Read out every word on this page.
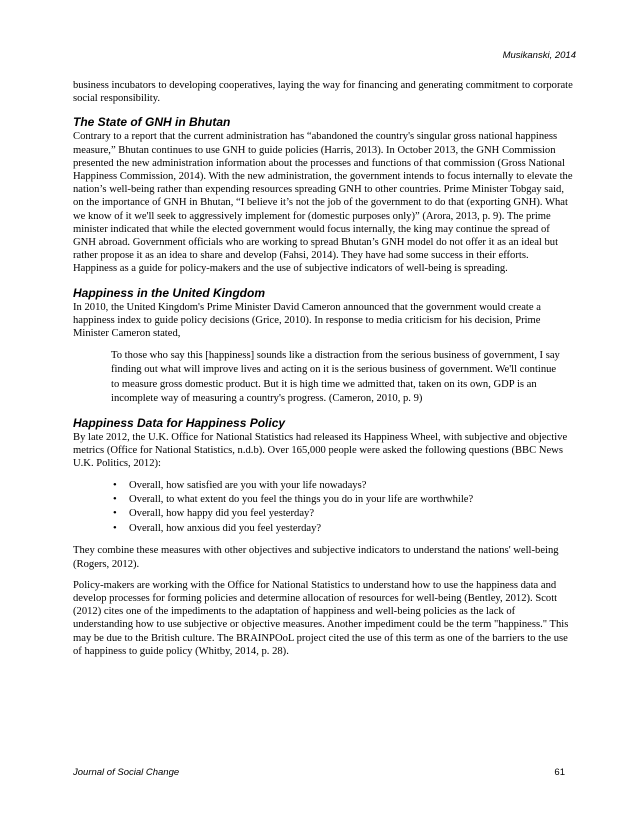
Musikanski, 2014

business incubators to developing cooperatives, laying the way for financing and generating commitment to corporate social responsibility.

The State of GNH in Bhutan

Contrary to a report that the current administration has “abandoned the country's singular gross national happiness measure,” Bhutan continues to use GNH to guide policies (Harris, 2013). In October 2013, the GNH Commission presented the new administration information about the processes and functions of that commission (Gross National Happiness Commission, 2014). With the new administration, the government intends to focus internally to elevate the nation’s well-being rather than expending resources spreading GNH to other countries. Prime Minister Tobgay said, on the importance of GNH in Bhutan, “I believe it’s not the job of the government to do that (exporting GNH). What we know of it we'll seek to aggressively implement for (domestic purposes only)” (Arora, 2013, p. 9). The prime minister indicated that while the elected government would focus internally, the king may continue the spread of GNH abroad. Government officials who are working to spread Bhutan’s GNH model do not offer it as an ideal but rather propose it as an idea to share and develop (Fahsi, 2014). They have had some success in their efforts. Happiness as a guide for policy-makers and the use of subjective indicators of well-being is spreading.

Happiness in the United Kingdom

In 2010, the United Kingdom's Prime Minister David Cameron announced that the government would create a happiness index to guide policy decisions (Grice, 2010). In response to media criticism for his decision, Prime Minister Cameron stated,

To those who say this [happiness] sounds like a distraction from the serious business of government, I say finding out what will improve lives and acting on it is the serious business of government. We'll continue to measure gross domestic product. But it is high time we admitted that, taken on its own, GDP is an incomplete way of measuring a country's progress. (Cameron, 2010, p. 9)

Happiness Data for Happiness Policy

By late 2012, the U.K. Office for National Statistics had released its Happiness Wheel, with subjective and objective metrics (Office for National Statistics, n.d.b). Over 165,000 people were asked the following questions (BBC News U.K. Politics, 2012):

• Overall, how satisfied are you with your life nowadays?
• Overall, to what extent do you feel the things you do in your life are worthwhile?
• Overall, how happy did you feel yesterday?
• Overall, how anxious did you feel yesterday?

They combine these measures with other objectives and subjective indicators to understand the nations' well-being (Rogers, 2012).

Policy-makers are working with the Office for National Statistics to understand how to use the happiness data and develop processes for forming policies and determine allocation of resources for well-being (Bentley, 2012). Scott (2012) cites one of the impediments to the adaptation of happiness and well-being policies as the lack of understanding how to use subjective or objective measures. Another impediment could be the term "happiness." This may be due to the British culture. The BRAINPOoL project cited the use of this term as one of the barriers to the use of happiness to guide policy (Whitby, 2014, p. 28).

Journal of Social Change	61
